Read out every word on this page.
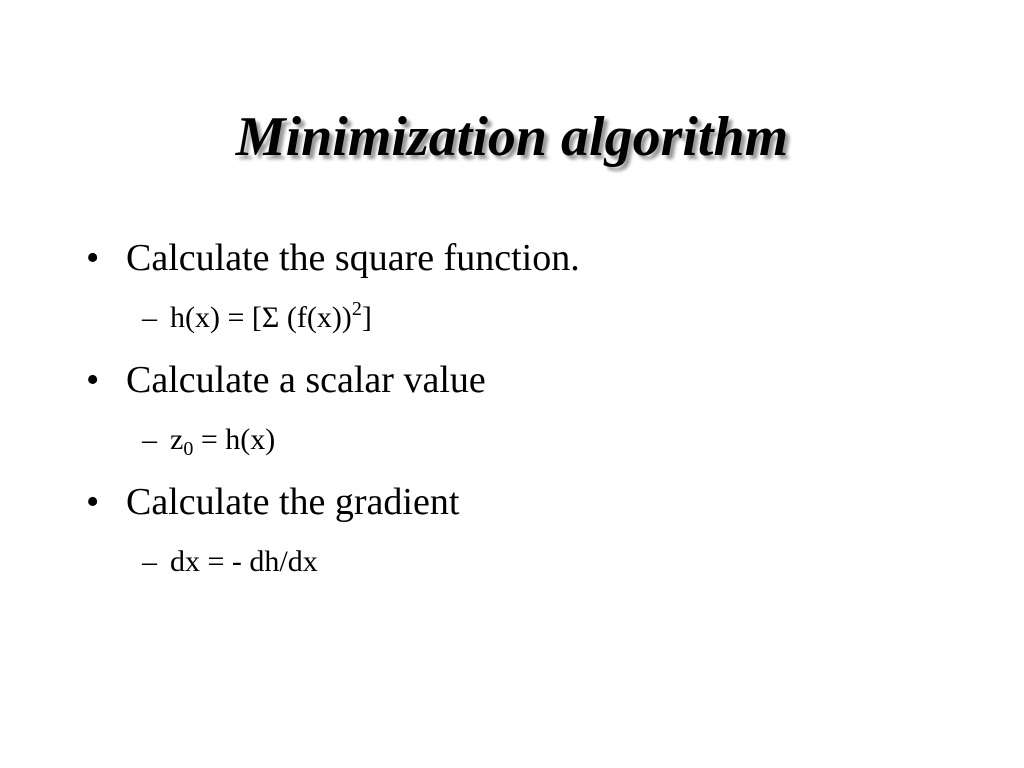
Minimization algorithm
• Calculate the square function.
– h(x) = [Σ $(f(x))^2$]
• Calculate a scalar value
– $z_0 = h(x)$
• Calculate the gradient
– dx = - dh/dx
